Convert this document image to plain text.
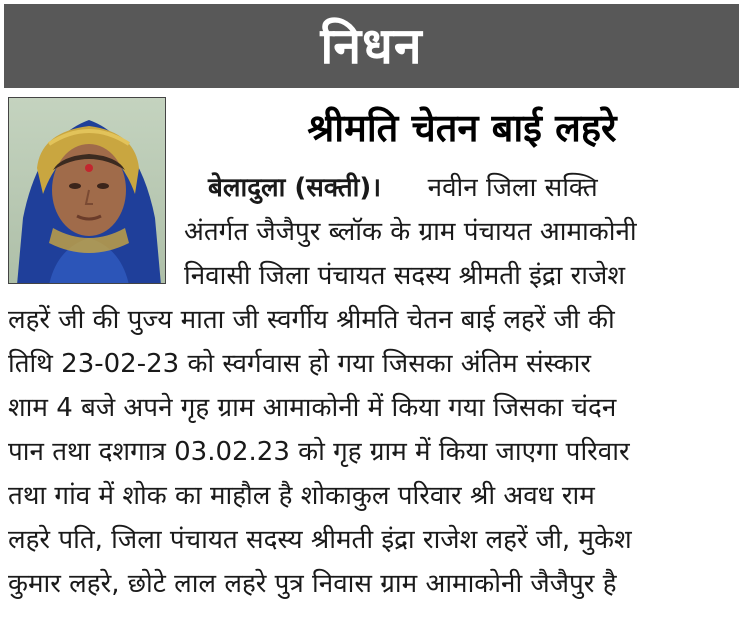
निधन
श्रीमति चेतन बाई लहरे
बेलादुला (सक्ती)। नवीन जिला सक्ति
अंतर्गत जैजैपुर ब्लॉक के ग्राम पंचायत आमाकोनी
निवासी जिला पंचायत सदस्य श्रीमती इंद्रा राजेश
लहरें जी की पुज्य माता जी स्वर्गीय श्रीमति चेतन बाई लहरें जी की
तिथि 23-02-23 को स्वर्गवास हो गया जिसका अंतिम संस्कार
शाम 4 बजे अपने गृह ग्राम आमाकोनी में किया गया जिसका चंदन
पान तथा दशगात्र 03.02.23 को गृह ग्राम में किया जाएगा परिवार
तथा गांव में शोक का माहौल है शोकाकुल परिवार श्री अवध राम
लहरे पति, जिला पंचायत सदस्य श्रीमती इंद्रा राजेश लहरें जी, मुकेश
कुमार लहरे, छोटे लाल लहरे पुत्र निवास ग्राम आमाकोनी जैजैपुर है
